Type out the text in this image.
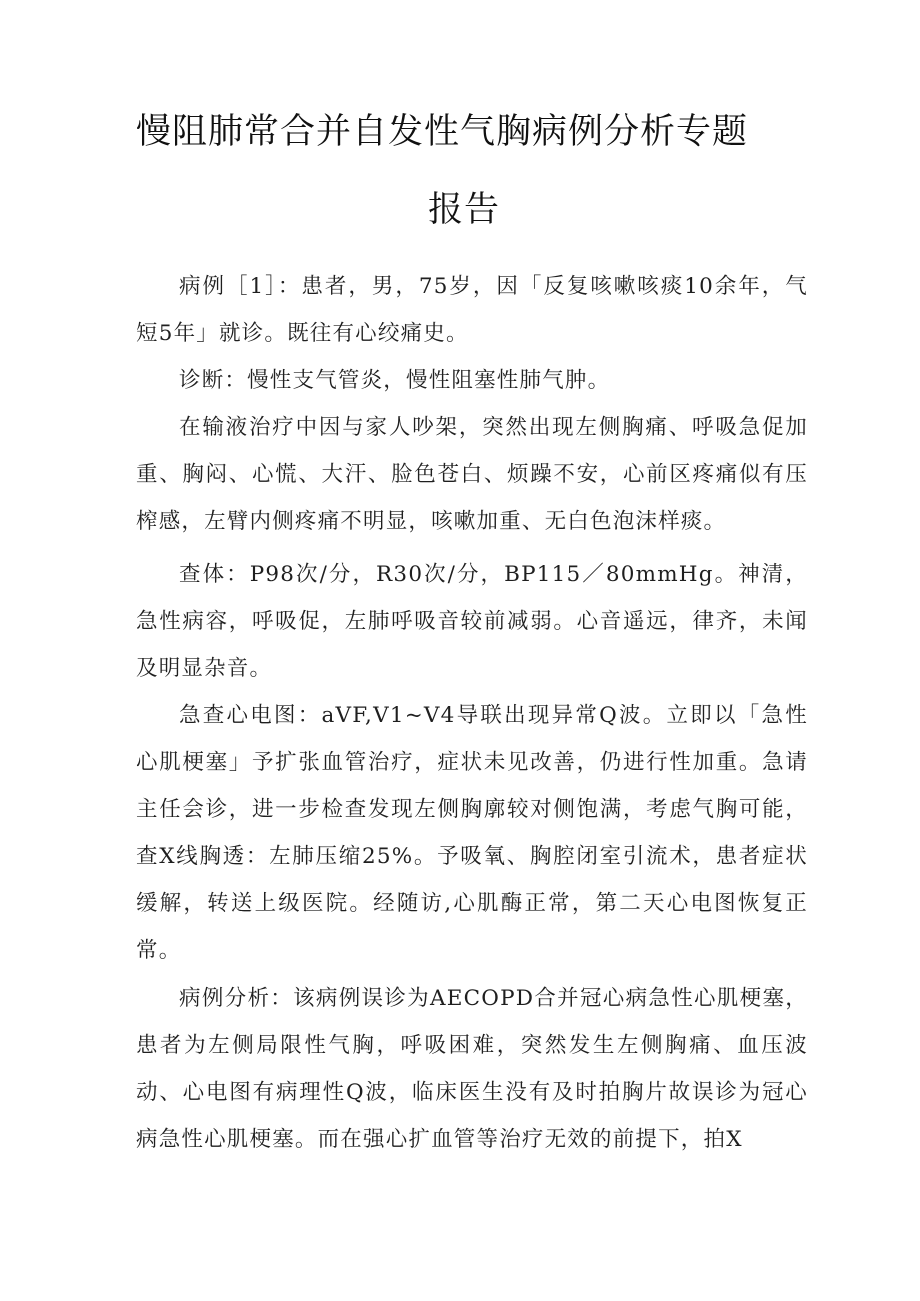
慢阻肺常合并自发性气胸病例分析专题
报告

病例［1］：患者，男，75岁，因「反复咳嗽咳痰10余年，气短5年」就诊。既往有心绞痛史。

诊断：慢性支气管炎，慢性阻塞性肺气肿。

在输液治疗中因与家人吵架，突然出现左侧胸痛、呼吸急促加重、胸闷、心慌、大汗、脸色苍白、烦躁不安，心前区疼痛似有压榨感，左臂内侧疼痛不明显，咳嗽加重、无白色泡沫样痰。

查体：P98次/分，R30次/分，BP115／80mmHg。神清，急性病容，呼吸促，左肺呼吸音较前减弱。心音遥远，律齐，未闻及明显杂音。

急查心电图：aVF,V1~V4导联出现异常Q波。立即以「急性心肌梗塞」予扩张血管治疗，症状未见改善，仍进行性加重。急请主任会诊，进一步检查发现左侧胸廓较对侧饱满，考虑气胸可能，查X线胸透：左肺压缩25%。予吸氧、胸腔闭室引流术，患者症状缓解，转送上级医院。经随访,心肌酶正常，第二天心电图恢复正常。

病例分析：该病例误诊为AECOPD合并冠心病急性心肌梗塞，患者为左侧局限性气胸，呼吸困难，突然发生左侧胸痛、血压波动、心电图有病理性Q波，临床医生没有及时拍胸片故误诊为冠心病急性心肌梗塞。而在强心扩血管等治疗无效的前提下，拍X
